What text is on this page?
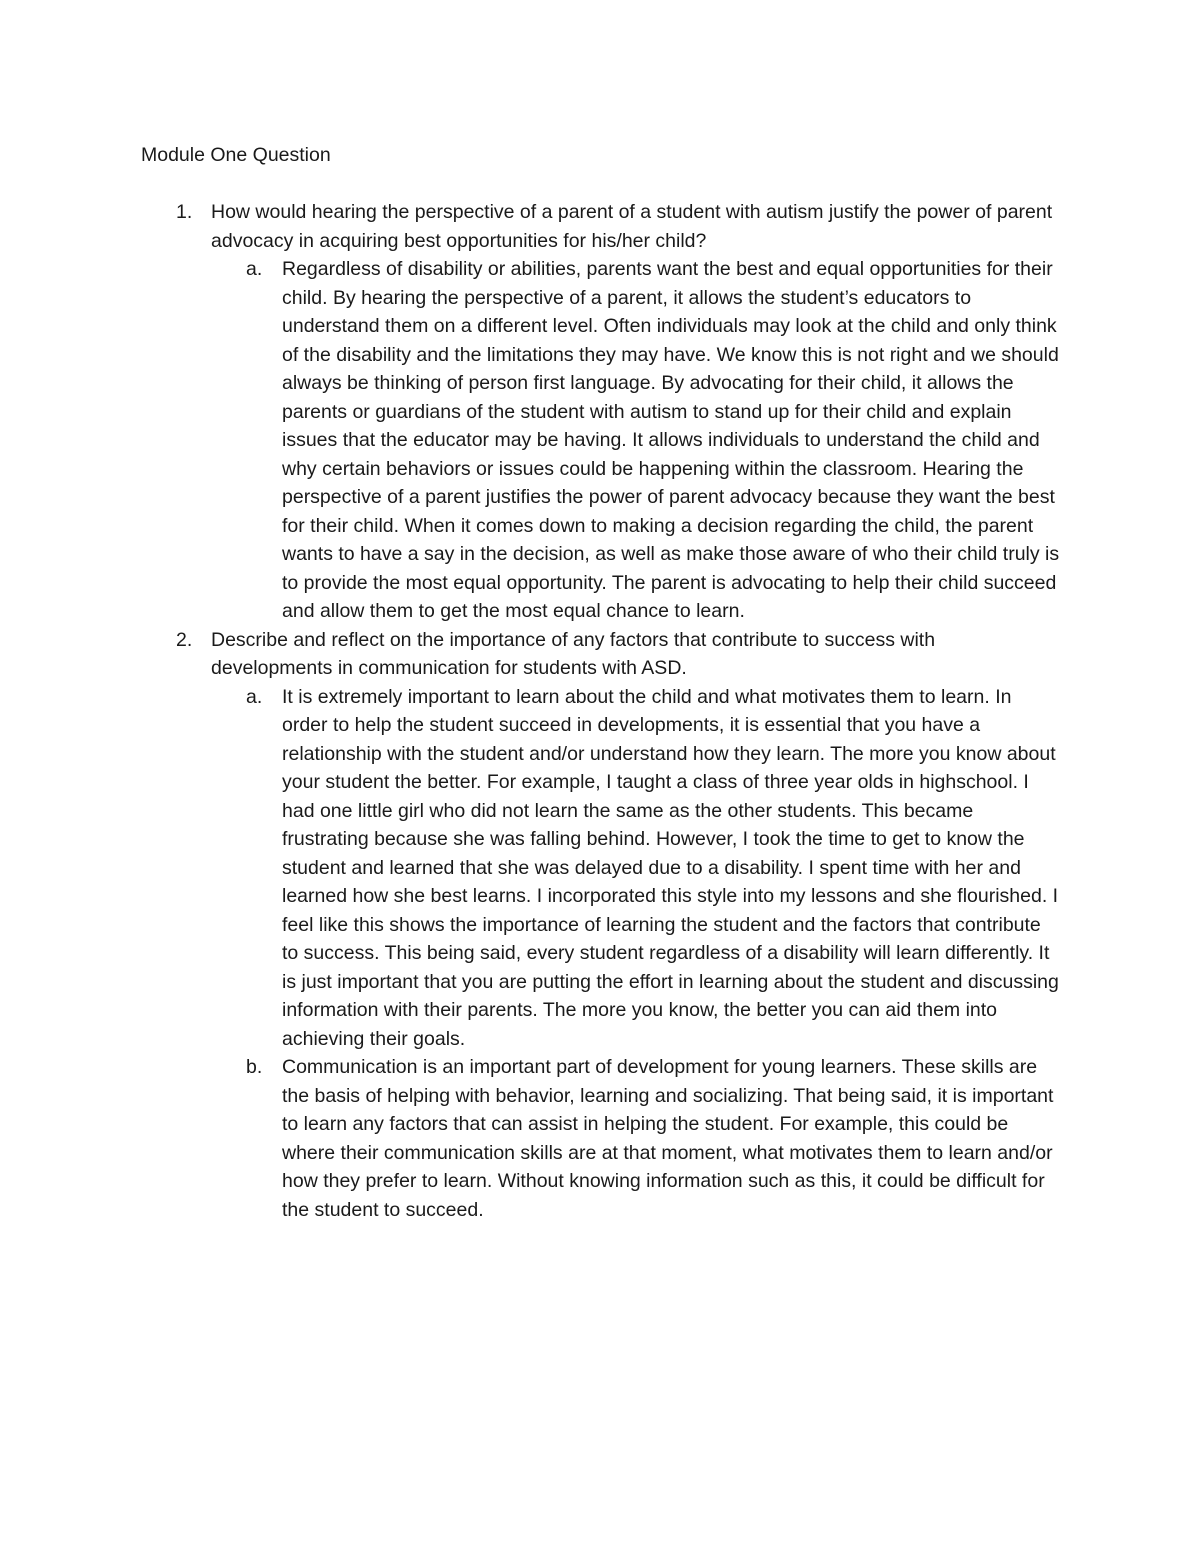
Module One Question
1. How would hearing the perspective of a parent of a student with autism justify the power of parent advocacy in acquiring best opportunities for his/her child?

a. Regardless of disability or abilities, parents want the best and equal opportunities for their child. By hearing the perspective of a parent, it allows the student’s educators to understand them on a different level. Often individuals may look at the child and only think of the disability and the limitations they may have. We know this is not right and we should always be thinking of person first language. By advocating for their child, it allows the parents or guardians of the student with autism to stand up for their child and explain issues that the educator may be having. It allows individuals to understand the child and why certain behaviors or issues could be happening within the classroom. Hearing the perspective of a parent justifies the power of parent advocacy because they want the best for their child. When it comes down to making a decision regarding the child, the parent wants to have a say in the decision, as well as make those aware of who their child truly is to provide the most equal opportunity. The parent is advocating to help their child succeed and allow them to get the most equal chance to learn.

2. Describe and reflect on the importance of any factors that contribute to success with developments in communication for students with ASD.

a. It is extremely important to learn about the child and what motivates them to learn. In order to help the student succeed in developments, it is essential that you have a relationship with the student and/or understand how they learn. The more you know about your student the better. For example, I taught a class of three year olds in highschool. I had one little girl who did not learn the same as the other students. This became frustrating because she was falling behind. However, I took the time to get to know the student and learned that she was delayed due to a disability. I spent time with her and learned how she best learns. I incorporated this style into my lessons and she flourished. I feel like this shows the importance of learning the student and the factors that contribute to success. This being said, every student regardless of a disability will learn differently. It is just important that you are putting the effort in learning about the student and discussing information with their parents. The more you know, the better you can aid them into achieving their goals.

b. Communication is an important part of development for young learners. These skills are the basis of helping with behavior, learning and socializing. That being said, it is important to learn any factors that can assist in helping the student. For example, this could be where their communication skills are at that moment, what motivates them to learn and/or how they prefer to learn. Without knowing information such as this, it could be difficult for the student to succeed.
